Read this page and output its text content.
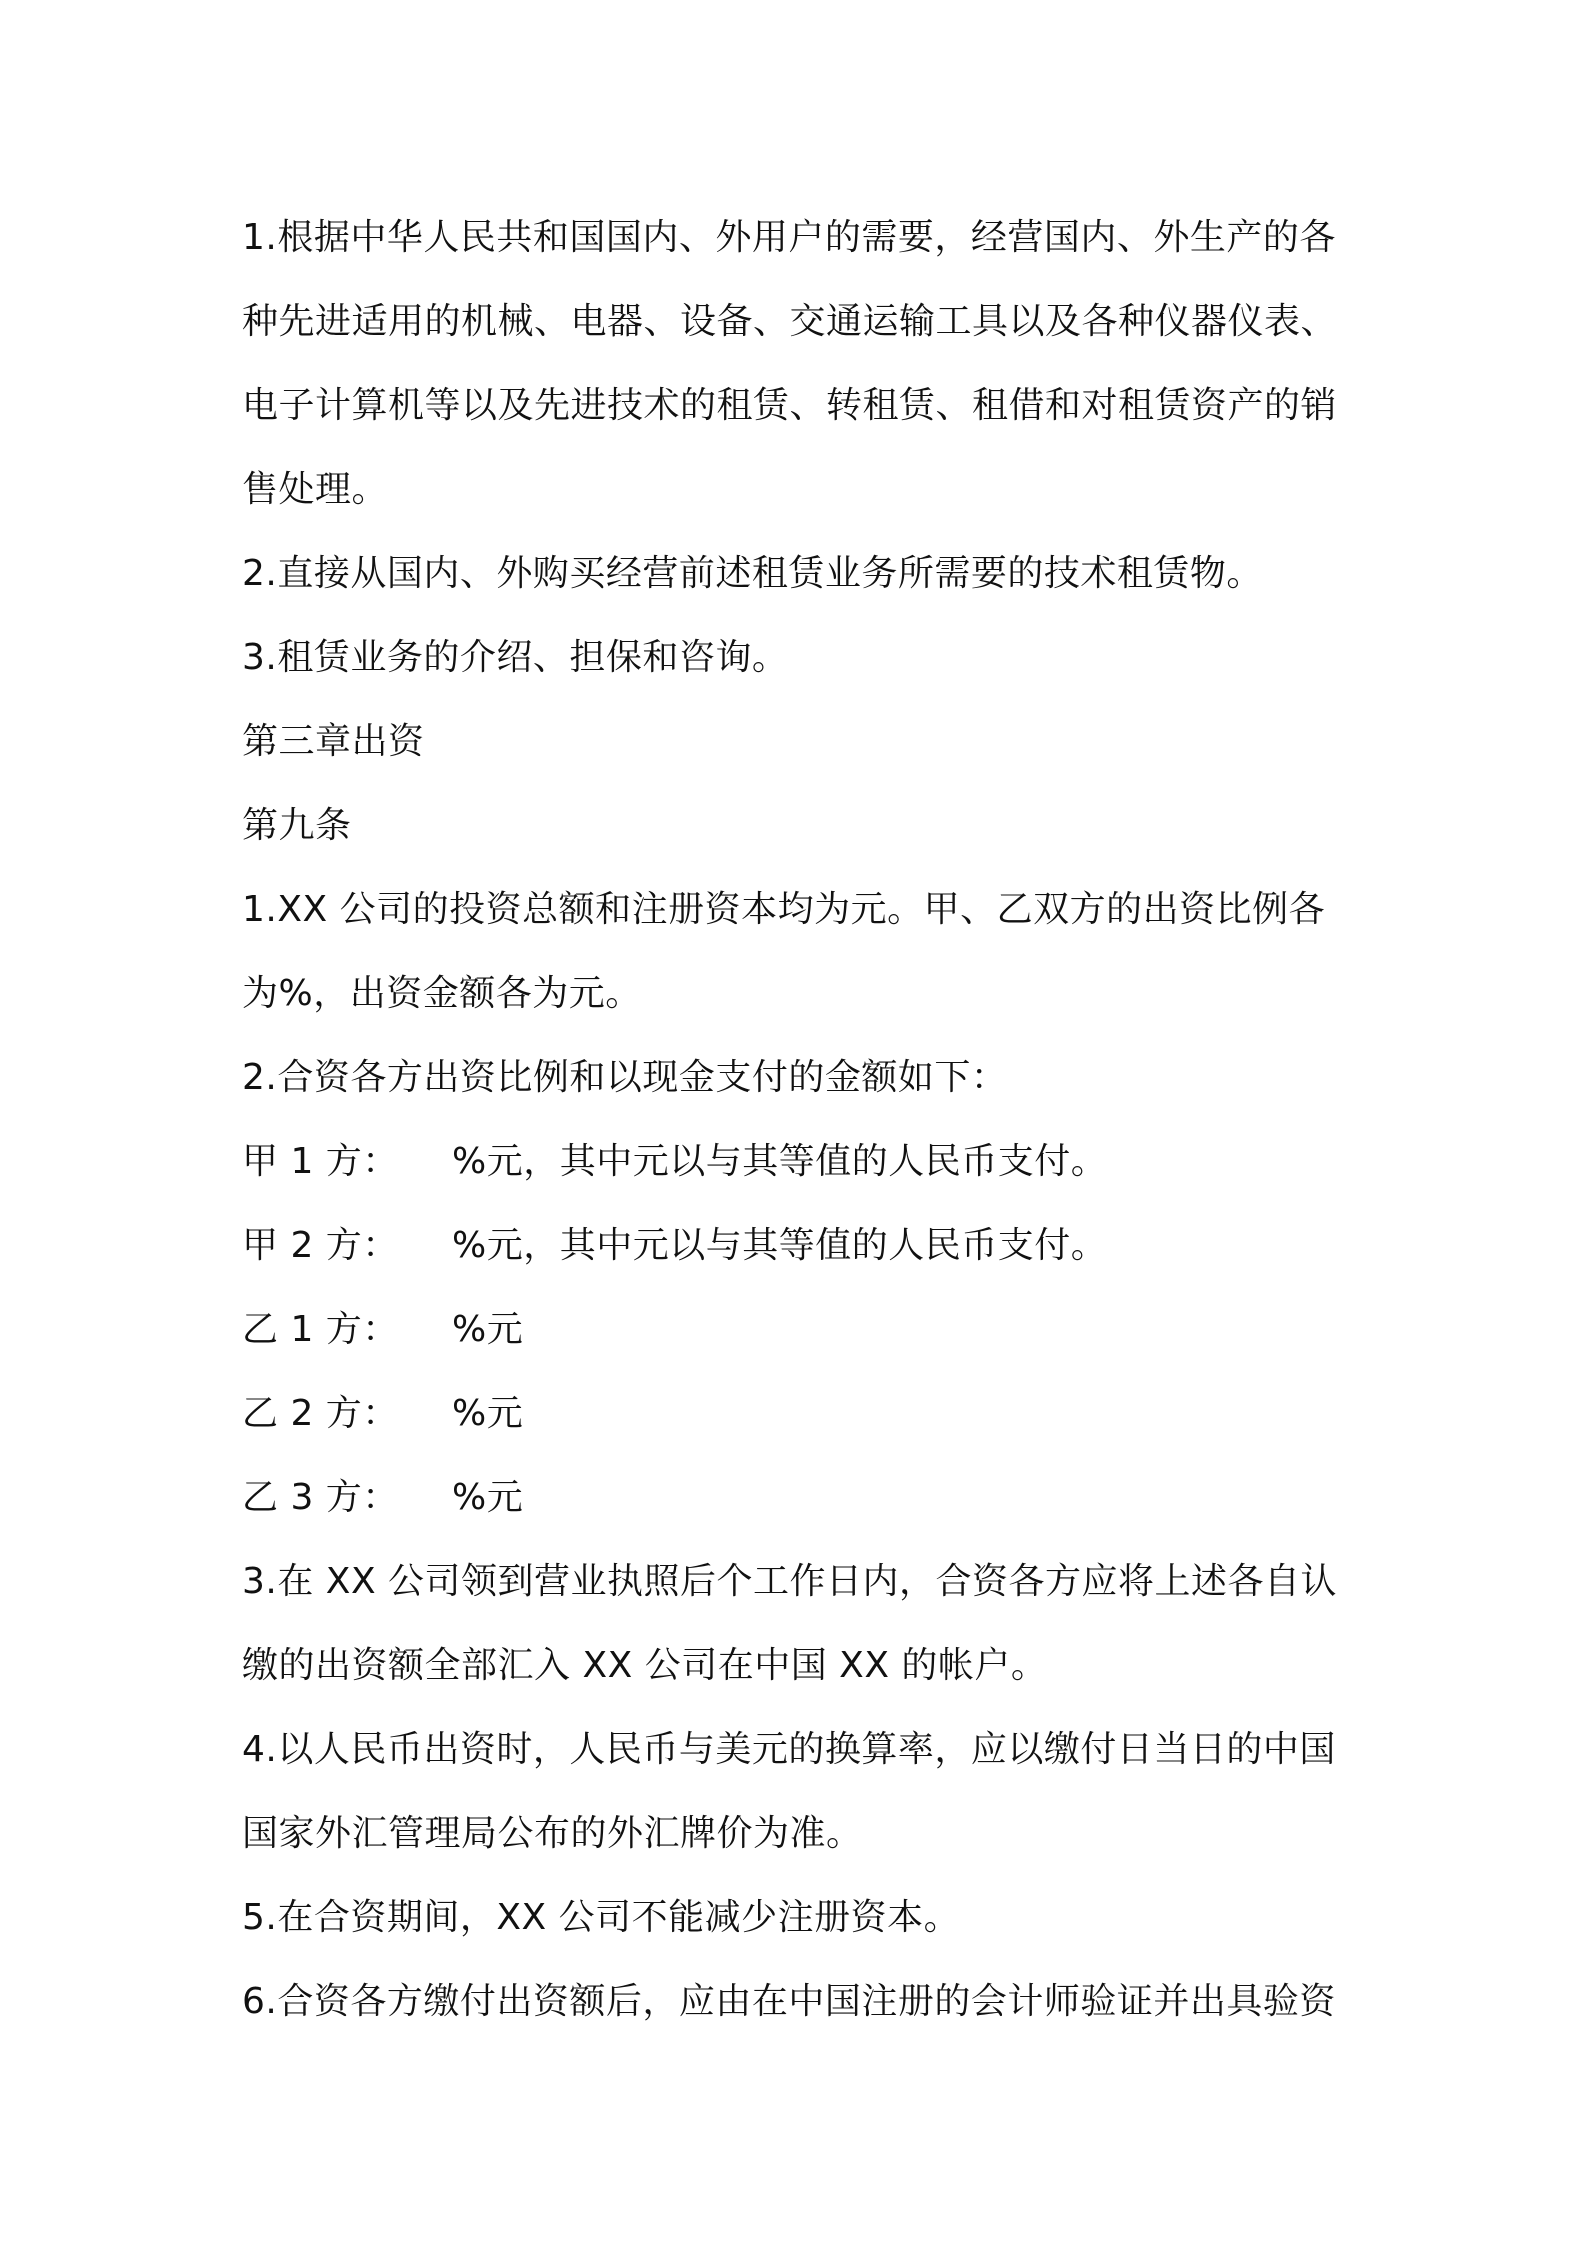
1.根据中华人民共和国国内、外用户的需要，经营国内、外生产的各
种先进适用的机械、电器、设备、交通运输工具以及各种仪器仪表、
电子计算机等以及先进技术的租赁、转租赁、租借和对租赁资产的销
售处理。
2.直接从国内、外购买经营前述租赁业务所需要的技术租赁物。
3.租赁业务的介绍、担保和咨询。
第三章出资
第九条
1.XX 公司的投资总额和注册资本均为元。甲、乙双方的出资比例各
为%，出资金额各为元。
2.合资各方出资比例和以现金支付的金额如下：
甲 1 方：	%元，其中元以与其等值的人民币支付。
甲 2 方：	%元，其中元以与其等值的人民币支付。
乙 1 方：	%元
乙 2 方：	%元
乙 3 方：	%元
3.在 XX 公司领到营业执照后个工作日内，合资各方应将上述各自认
缴的出资额全部汇入 XX 公司在中国 XX 的帐户。
4.以人民币出资时，人民币与美元的换算率，应以缴付日当日的中国
国家外汇管理局公布的外汇牌价为准。
5.在合资期间，XX 公司不能减少注册资本。
6.合资各方缴付出资额后，应由在中国注册的会计师验证并出具验资
